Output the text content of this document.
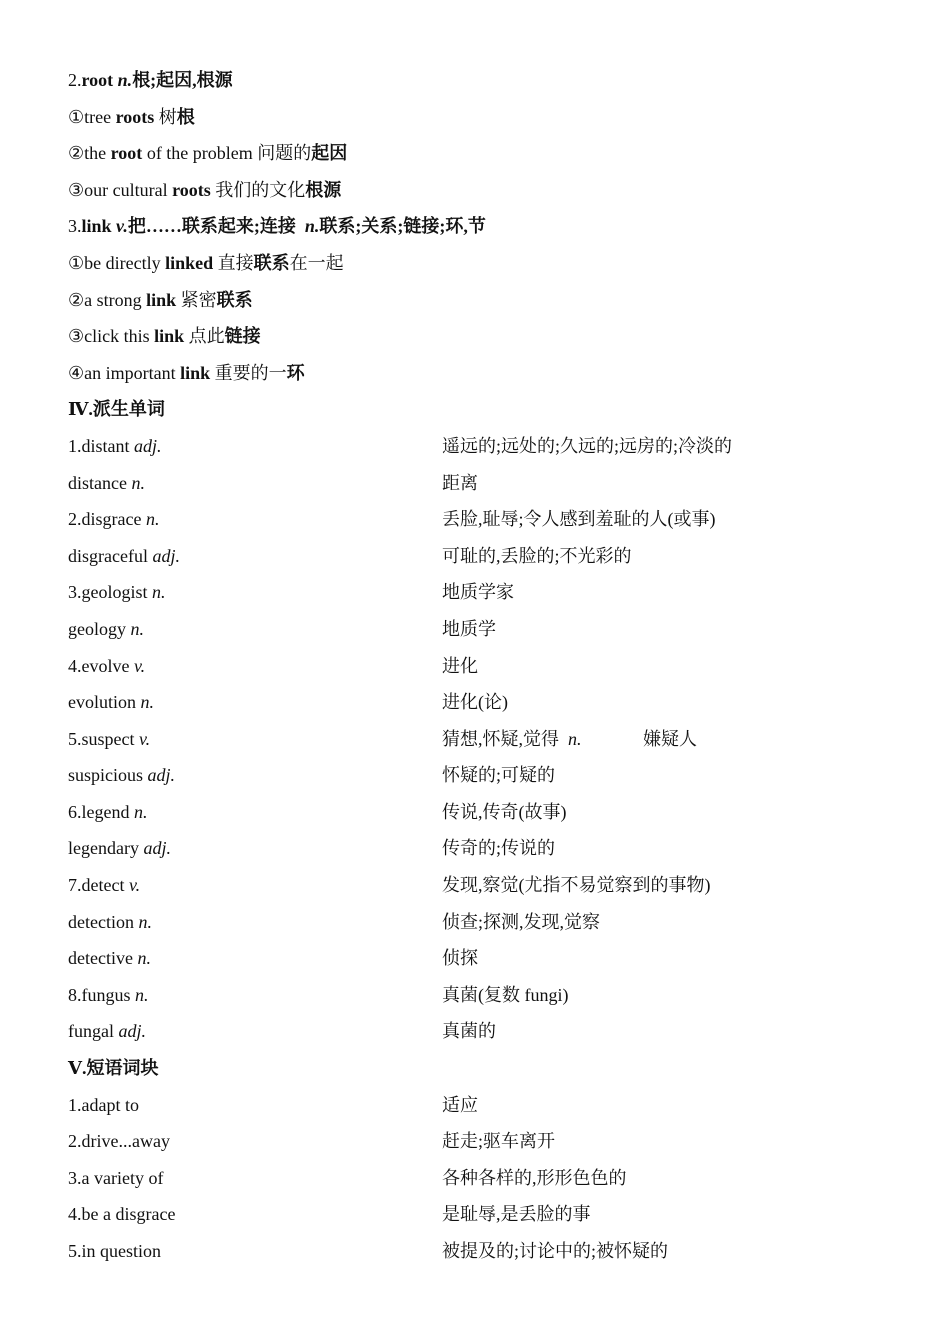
2.root n.根;起因,根源
①tree roots 树根
②the root of the problem 问题的起因
③our cultural roots 我们的文化根源
3.link v.把……联系起来;连接 n.联系;关系;链接;环,节
①be directly linked 直接联系在一起
②a strong link 紧密联系
③click this link 点此链接
④an important link 重要的一环
Ⅳ.派生单词
1.distant adj.	遥远的;远处的;久远的;远房的;冷淡的
distance n.	距离
2.disgrace n.	丢脸,耻辱;令人感到羞耻的人(或事)
disgraceful adj.	可耻的,丢脸的;不光彩的
3.geologist n.	地质学家
geology n.	地质学
4.evolve v.	进化
evolution n.	进化(论)
5.suspect v.	猜想,怀疑,觉得 n.	嫌疑人
suspicious adj.	怀疑的;可疑的
6.legend n.	传说,传奇(故事)
legendary adj.	传奇的;传说的
7.detect v.	发现,察觉(尤指不易觉察到的事物)
detection n.	侦查;探测,发现,觉察
detective n.	侦探
8.fungus n.	真菌(复数 fungi)
fungal adj.	真菌的
Ⅴ.短语词块
1.adapt to	适应
2.drive...away	赶走;驱车离开
3.a variety of	各种各样的,形形色色的
4.be a disgrace	是耻辱,是丢脸的事
5.in question	被提及的;讨论中的;被怀疑的
